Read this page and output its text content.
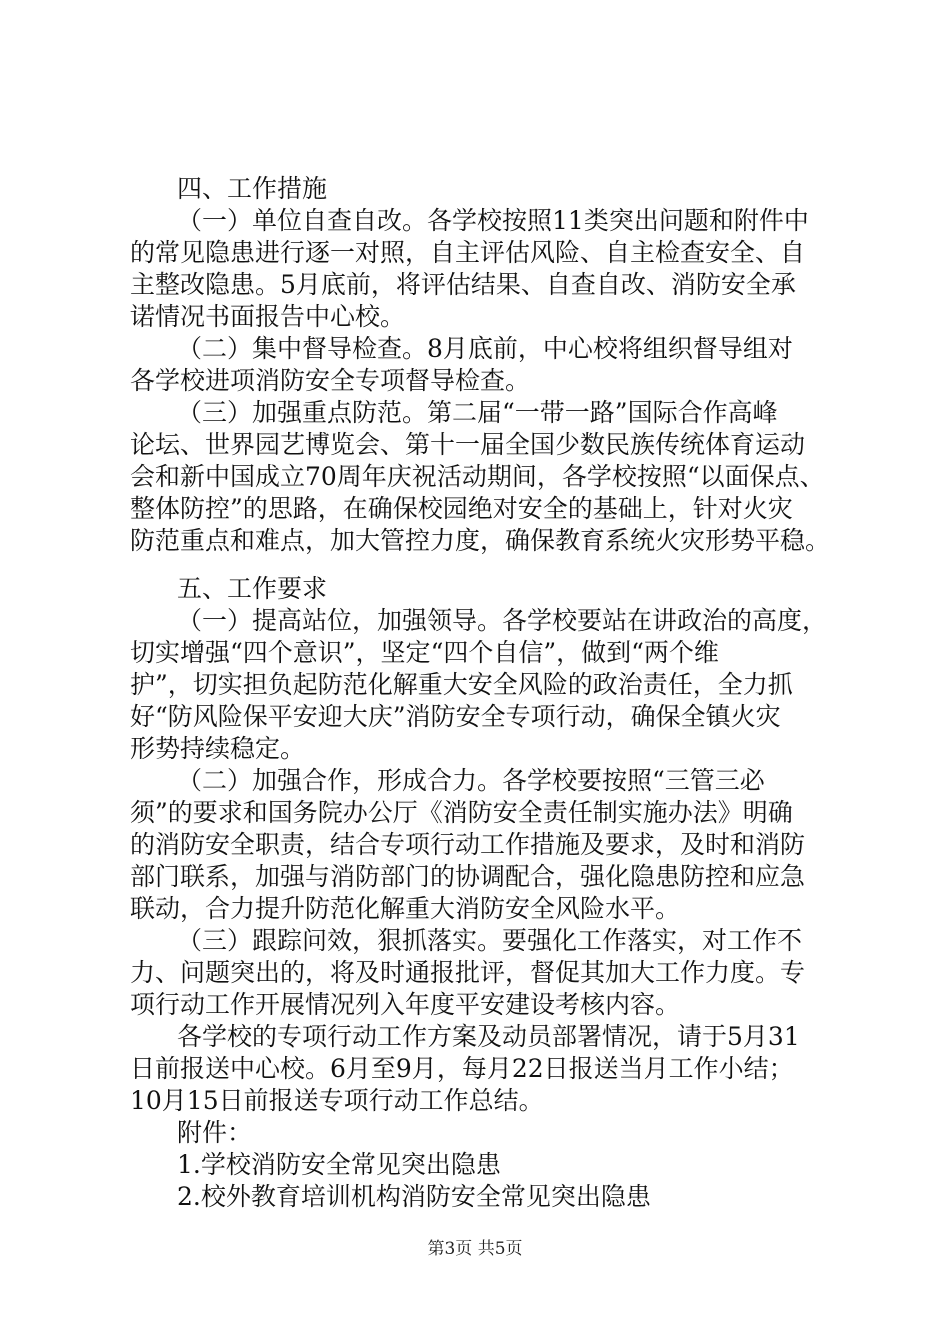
四、工作措施
（一）单位自查自改。各学校按照11类突出问题和附件中
的常见隐患进行逐一对照，自主评估风险、自主检查安全、自
主整改隐患。5月底前，将评估结果、自查自改、消防安全承
诺情况书面报告中心校。
（二）集中督导检查。8月底前，中心校将组织督导组对
各学校进项消防安全专项督导检查。
（三）加强重点防范。第二届“一带一路”国际合作高峰
论坛、世界园艺博览会、第十一届全国少数民族传统体育运动
会和新中国成立70周年庆祝活动期间，各学校按照“以面保点、
整体防控”的思路，在确保校园绝对安全的基础上，针对火灾
防范重点和难点，加大管控力度，确保教育系统火灾形势平稳。
五、工作要求
（一）提高站位，加强领导。各学校要站在讲政治的高度，
切实增强“四个意识”，坚定“四个自信”，做到“两个维
护”，切实担负起防范化解重大安全风险的政治责任，全力抓
好“防风险保平安迎大庆”消防安全专项行动，确保全镇火灾
形势持续稳定。
（二）加强合作，形成合力。各学校要按照“三管三必
须”的要求和国务院办公厅《消防安全责任制实施办法》明确
的消防安全职责，结合专项行动工作措施及要求，及时和消防
部门联系，加强与消防部门的协调配合，强化隐患防控和应急
联动，合力提升防范化解重大消防安全风险水平。
（三）跟踪问效，狠抓落实。要强化工作落实，对工作不
力、问题突出的，将及时通报批评，督促其加大工作力度。专
项行动工作开展情况列入年度平安建设考核内容。
各学校的专项行动工作方案及动员部署情况，请于5月31
日前报送中心校。6月至9月，每月22日报送当月工作小结；
10月15日前报送专项行动工作总结。
附件：
1.学校消防安全常见突出隐患
2.校外教育培训机构消防安全常见突出隐患
第3页 共5页
